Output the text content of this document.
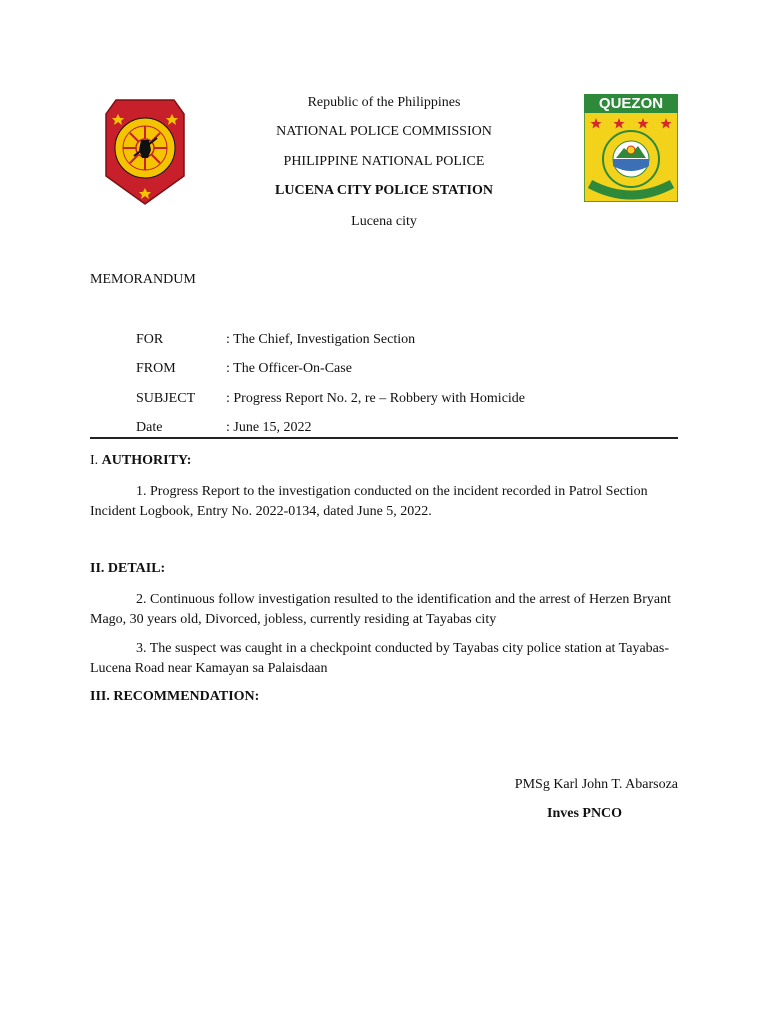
Republic of the Philippines
NATIONAL POLICE COMMISSION
PHILIPPINE NATIONAL POLICE
LUCENA CITY POLICE STATION
Lucena city
QUEZON
MEMORANDUM
FOR	: The Chief, Investigation Section
FROM	: The Officer-On-Case
SUBJECT : Progress Report No. 2, re – Robbery with Homicide
Date	: June 15, 2022
I. AUTHORITY:
1. Progress Report to the investigation conducted on the incident recorded in Patrol Section Incident Logbook, Entry No. 2022-0134, dated June 5, 2022.
II. DETAIL:
2. Continuous follow investigation resulted to the identification and the arrest of Herzen Bryant Mago, 30 years old, Divorced, jobless, currently residing at Tayabas city
3. The suspect was caught in a checkpoint conducted by Tayabas city police station at Tayabas-Lucena Road near Kamayan sa Palaisdaan
III. RECOMMENDATION:
PMSg Karl John T. Abarsoza
Inves PNCO
